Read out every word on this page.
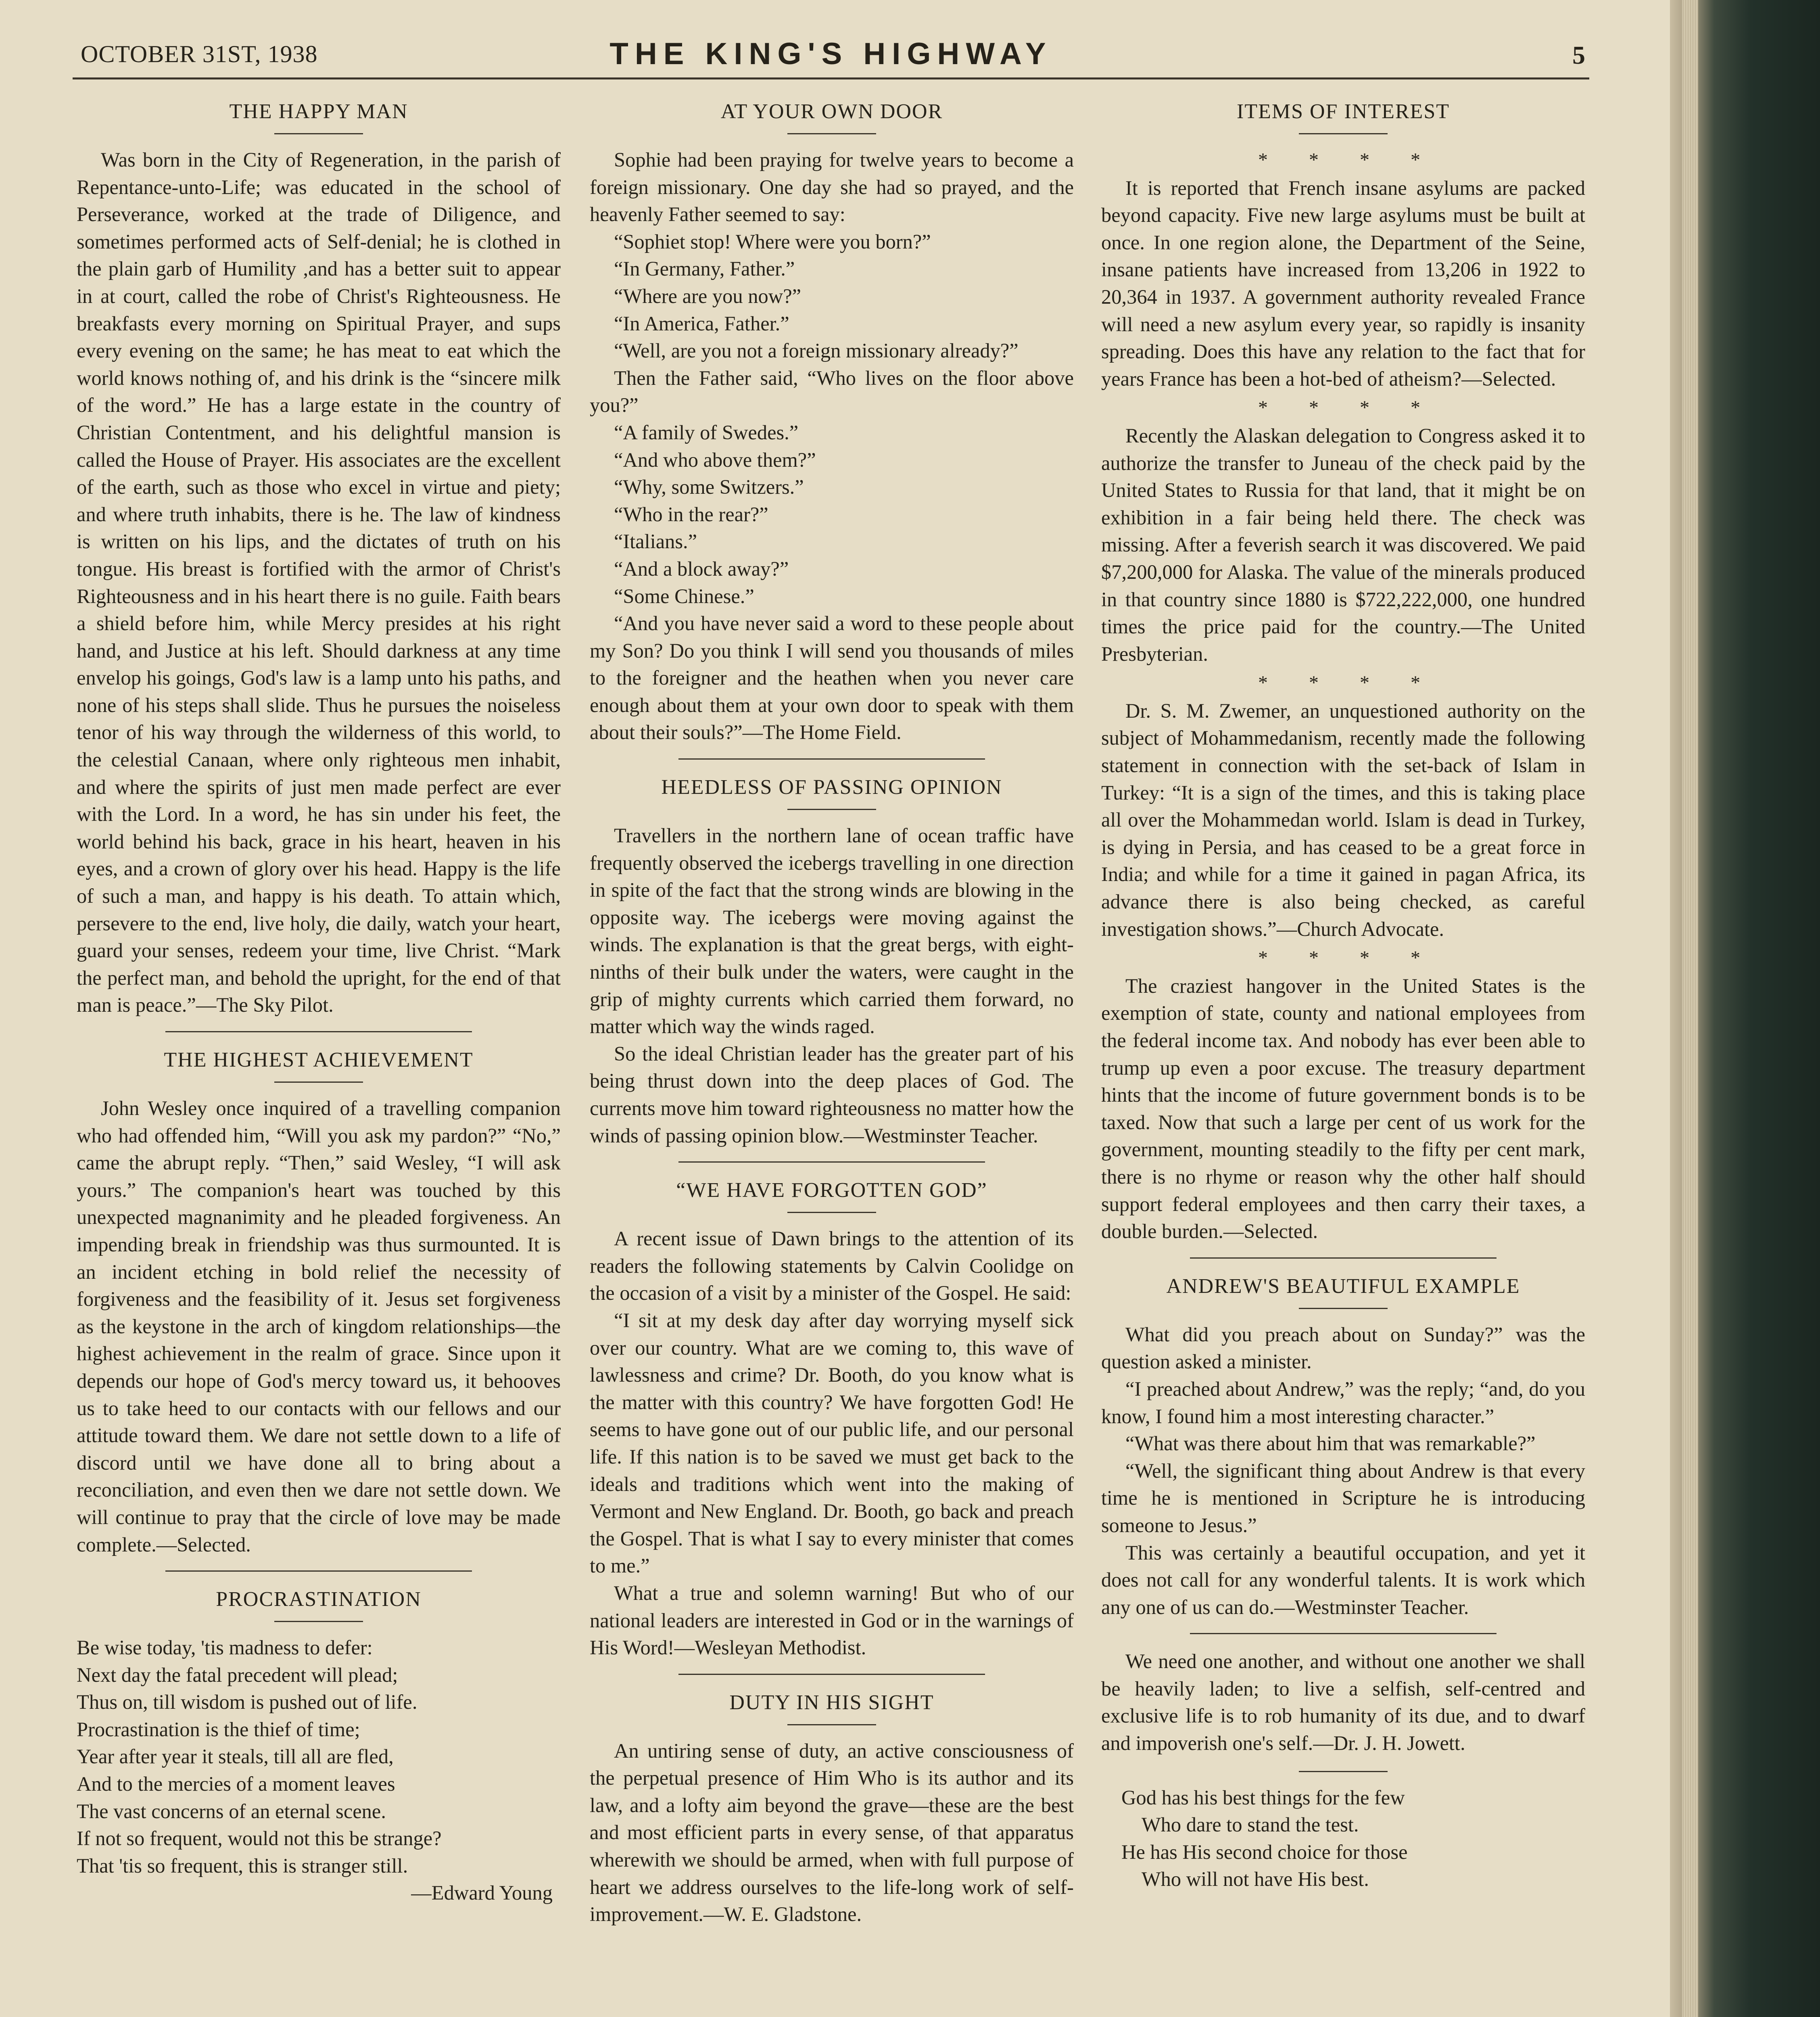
OCTOBER 31ST, 1938	THE KING'S HIGHWAY	5
THE HAPPY MAN

Was born in the City of Regeneration, in the parish of Repentance-unto-Life; was educated in the school of Perseverance, worked at the trade of Diligence, and sometimes performed acts of Self-denial; he is clothed in the plain garb of Humility ,and has a better suit to appear in at court, called the robe of Christ's Righteousness. He breakfasts every morning on Spiritual Prayer, and sups every evening on the same; he has meat to eat which the world knows nothing of, and his drink is the “sincere milk of the word.” He has a large estate in the country of Christian Contentment, and his delightful mansion is called the House of Prayer. His associates are the excellent of the earth, such as those who excel in virtue and piety; and where truth inhabits, there is he. The law of kindness is written on his lips, and the dictates of truth on his tongue. His breast is fortified with the armor of Christ's Righteousness and in his heart there is no guile. Faith bears a shield before him, while Mercy presides at his right hand, and Justice at his left. Should darkness at any time envelop his goings, God's law is a lamp unto his paths, and none of his steps shall slide. Thus he pursues the noiseless tenor of his way through the wilderness of this world, to the celestial Canaan, where only righteous men inhabit, and where the spirits of just men made perfect are ever with the Lord. In a word, he has sin under his feet, the world behind his back, grace in his heart, heaven in his eyes, and a crown of glory over his head. Happy is the life of such a man, and happy is his death. To attain which, persevere to the end, live holy, die daily, watch your heart, guard your senses, redeem your time, live Christ. “Mark the perfect man, and behold the upright, for the end of that man is peace.”—The Sky Pilot.

THE HIGHEST ACHIEVEMENT

John Wesley once inquired of a travelling companion who had offended him, “Will you ask my pardon?” “No,” came the abrupt reply. “Then,” said Wesley, “I will ask yours.” The companion's heart was touched by this unexpected magnanimity and he pleaded forgiveness. An impending break in friendship was thus surmounted. It is an incident etching in bold relief the necessity of forgiveness and the feasibility of it. Jesus set forgiveness as the keystone in the arch of kingdom relationships—the highest achievement in the realm of grace. Since upon it depends our hope of God's mercy toward us, it behooves us to take heed to our contacts with our fellows and our attitude toward them. We dare not settle down to a life of discord until we have done all to bring about a reconciliation, and even then we dare not settle down. We will continue to pray that the circle of love may be made complete.—Selected.

PROCRASTINATION
Be wise today, 'tis madness to defer:
Next day the fatal precedent will plead;
Thus on, till wisdom is pushed out of life.
Procrastination is the thief of time;
Year after year it steals, till all are fled,
And to the mercies of a moment leaves
The vast concerns of an eternal scene.
If not so frequent, would not this be strange?
That 'tis so frequent, this is stranger still.
—Edward Young
AT YOUR OWN DOOR

Sophie had been praying for twelve years to become a foreign missionary. One day she had so prayed, and the heavenly Father seemed to say:

“Sophiet stop! Where were you born?”

“In Germany, Father.”

“Where are you now?”

“In America, Father.”

“Well, are you not a foreign missionary already?”

Then the Father said, “Who lives on the floor above you?”

“A family of Swedes.”

“And who above them?”

“Why, some Switzers.”

“Who in the rear?”

“Italians.”

“And a block away?”

“Some Chinese.”

“And you have never said a word to these people about my Son? Do you think I will send you thousands of miles to the foreigner and the heathen when you never care enough about them at your own door to speak with them about their souls?”—The Home Field.

HEEDLESS OF PASSING OPINION

Travellers in the northern lane of ocean traffic have frequently observed the icebergs travelling in one direction in spite of the fact that the strong winds are blowing in the opposite way. The icebergs were moving against the winds. The explanation is that the great bergs, with eight-ninths of their bulk under the waters, were caught in the grip of mighty currents which carried them forward, no matter which way the winds raged.

So the ideal Christian leader has the greater part of his being thrust down into the deep places of God. The currents move him toward righteousness no matter how the winds of passing opinion blow.—Westminster Teacher.

“WE HAVE FORGOTTEN GOD”

A recent issue of Dawn brings to the attention of its readers the following statements by Calvin Coolidge on the occasion of a visit by a minister of the Gospel. He said:

“I sit at my desk day after day worrying myself sick over our country. What are we coming to, this wave of lawlessness and crime? Dr. Booth, do you know what is the matter with this country? We have forgotten God! He seems to have gone out of our public life, and our personal life. If this nation is to be saved we must get back to the ideals and traditions which went into the making of Vermont and New England. Dr. Booth, go back and preach the Gospel. That is what I say to every minister that comes to me.”

What a true and solemn warning! But who of our national leaders are interested in God or in the warnings of His Word!—Wesleyan Methodist.

DUTY IN HIS SIGHT

An untiring sense of duty, an active consciousness of the perpetual presence of Him Who is its author and its law, and a lofty aim beyond the grave—these are the best and most efficient parts in every sense, of that apparatus wherewith we should be armed, when with full purpose of heart we address ourselves to the life-long work of self-improvement.—W. E. Gladstone.

ITEMS OF INTEREST
* * * *

It is reported that French insane asylums are packed beyond capacity. Five new large asylums must be built at once. In one region alone, the Department of the Seine, insane patients have increased from 13,206 in 1922 to 20,364 in 1937. A government authority revealed France will need a new asylum every year, so rapidly is insanity spreading. Does this have any relation to the fact that for years France has been a hot-bed of atheism?—Selected.

* * * *

Recently the Alaskan delegation to Congress asked it to authorize the transfer to Juneau of the check paid by the United States to Russia for that land, that it might be on exhibition in a fair being held there. The check was missing. After a feverish search it was discovered. We paid $7,200,000 for Alaska. The value of the minerals produced in that country since 1880 is $722,222,000, one hundred times the price paid for the country.—The United Presbyterian.

* * * *

Dr. S. M. Zwemer, an unquestioned authority on the subject of Mohammedanism, recently made the following statement in connection with the set-back of Islam in Turkey: “It is a sign of the times, and this is taking place all over the Mohammedan world. Islam is dead in Turkey, is dying in Persia, and has ceased to be a great force in India; and while for a time it gained in pagan Africa, its advance there is also being checked, as careful investigation shows.”—Church Advocate.

* * * *

The craziest hangover in the United States is the exemption of state, county and national employees from the federal income tax. And nobody has ever been able to trump up even a poor excuse. The treasury department hints that the income of future government bonds is to be taxed. Now that such a large per cent of us work for the government, mounting steadily to the fifty per cent mark, there is no rhyme or reason why the other half should support federal employees and then carry their taxes, a double burden.—Selected.

ANDREW'S BEAUTIFUL EXAMPLE

What did you preach about on Sunday?” was the question asked a minister.

“I preached about Andrew,” was the reply; “and, do you know, I found him a most interesting character.”

“What was there about him that was remarkable?”

“Well, the significant thing about Andrew is that every time he is mentioned in Scripture he is introducing someone to Jesus.”

This was certainly a beautiful occupation, and yet it does not call for any wonderful talents. It is work which any one of us can do.—Westminster Teacher.

We need one another, and without one another we shall be heavily laden; to live a selfish, self-centred and exclusive life is to rob humanity of its due, and to dwarf and impoverish one's self.—Dr. J. H. Jowett.

God has his best things for the few
Who dare to stand the test.
He has His second choice for those
Who will not have His best.
